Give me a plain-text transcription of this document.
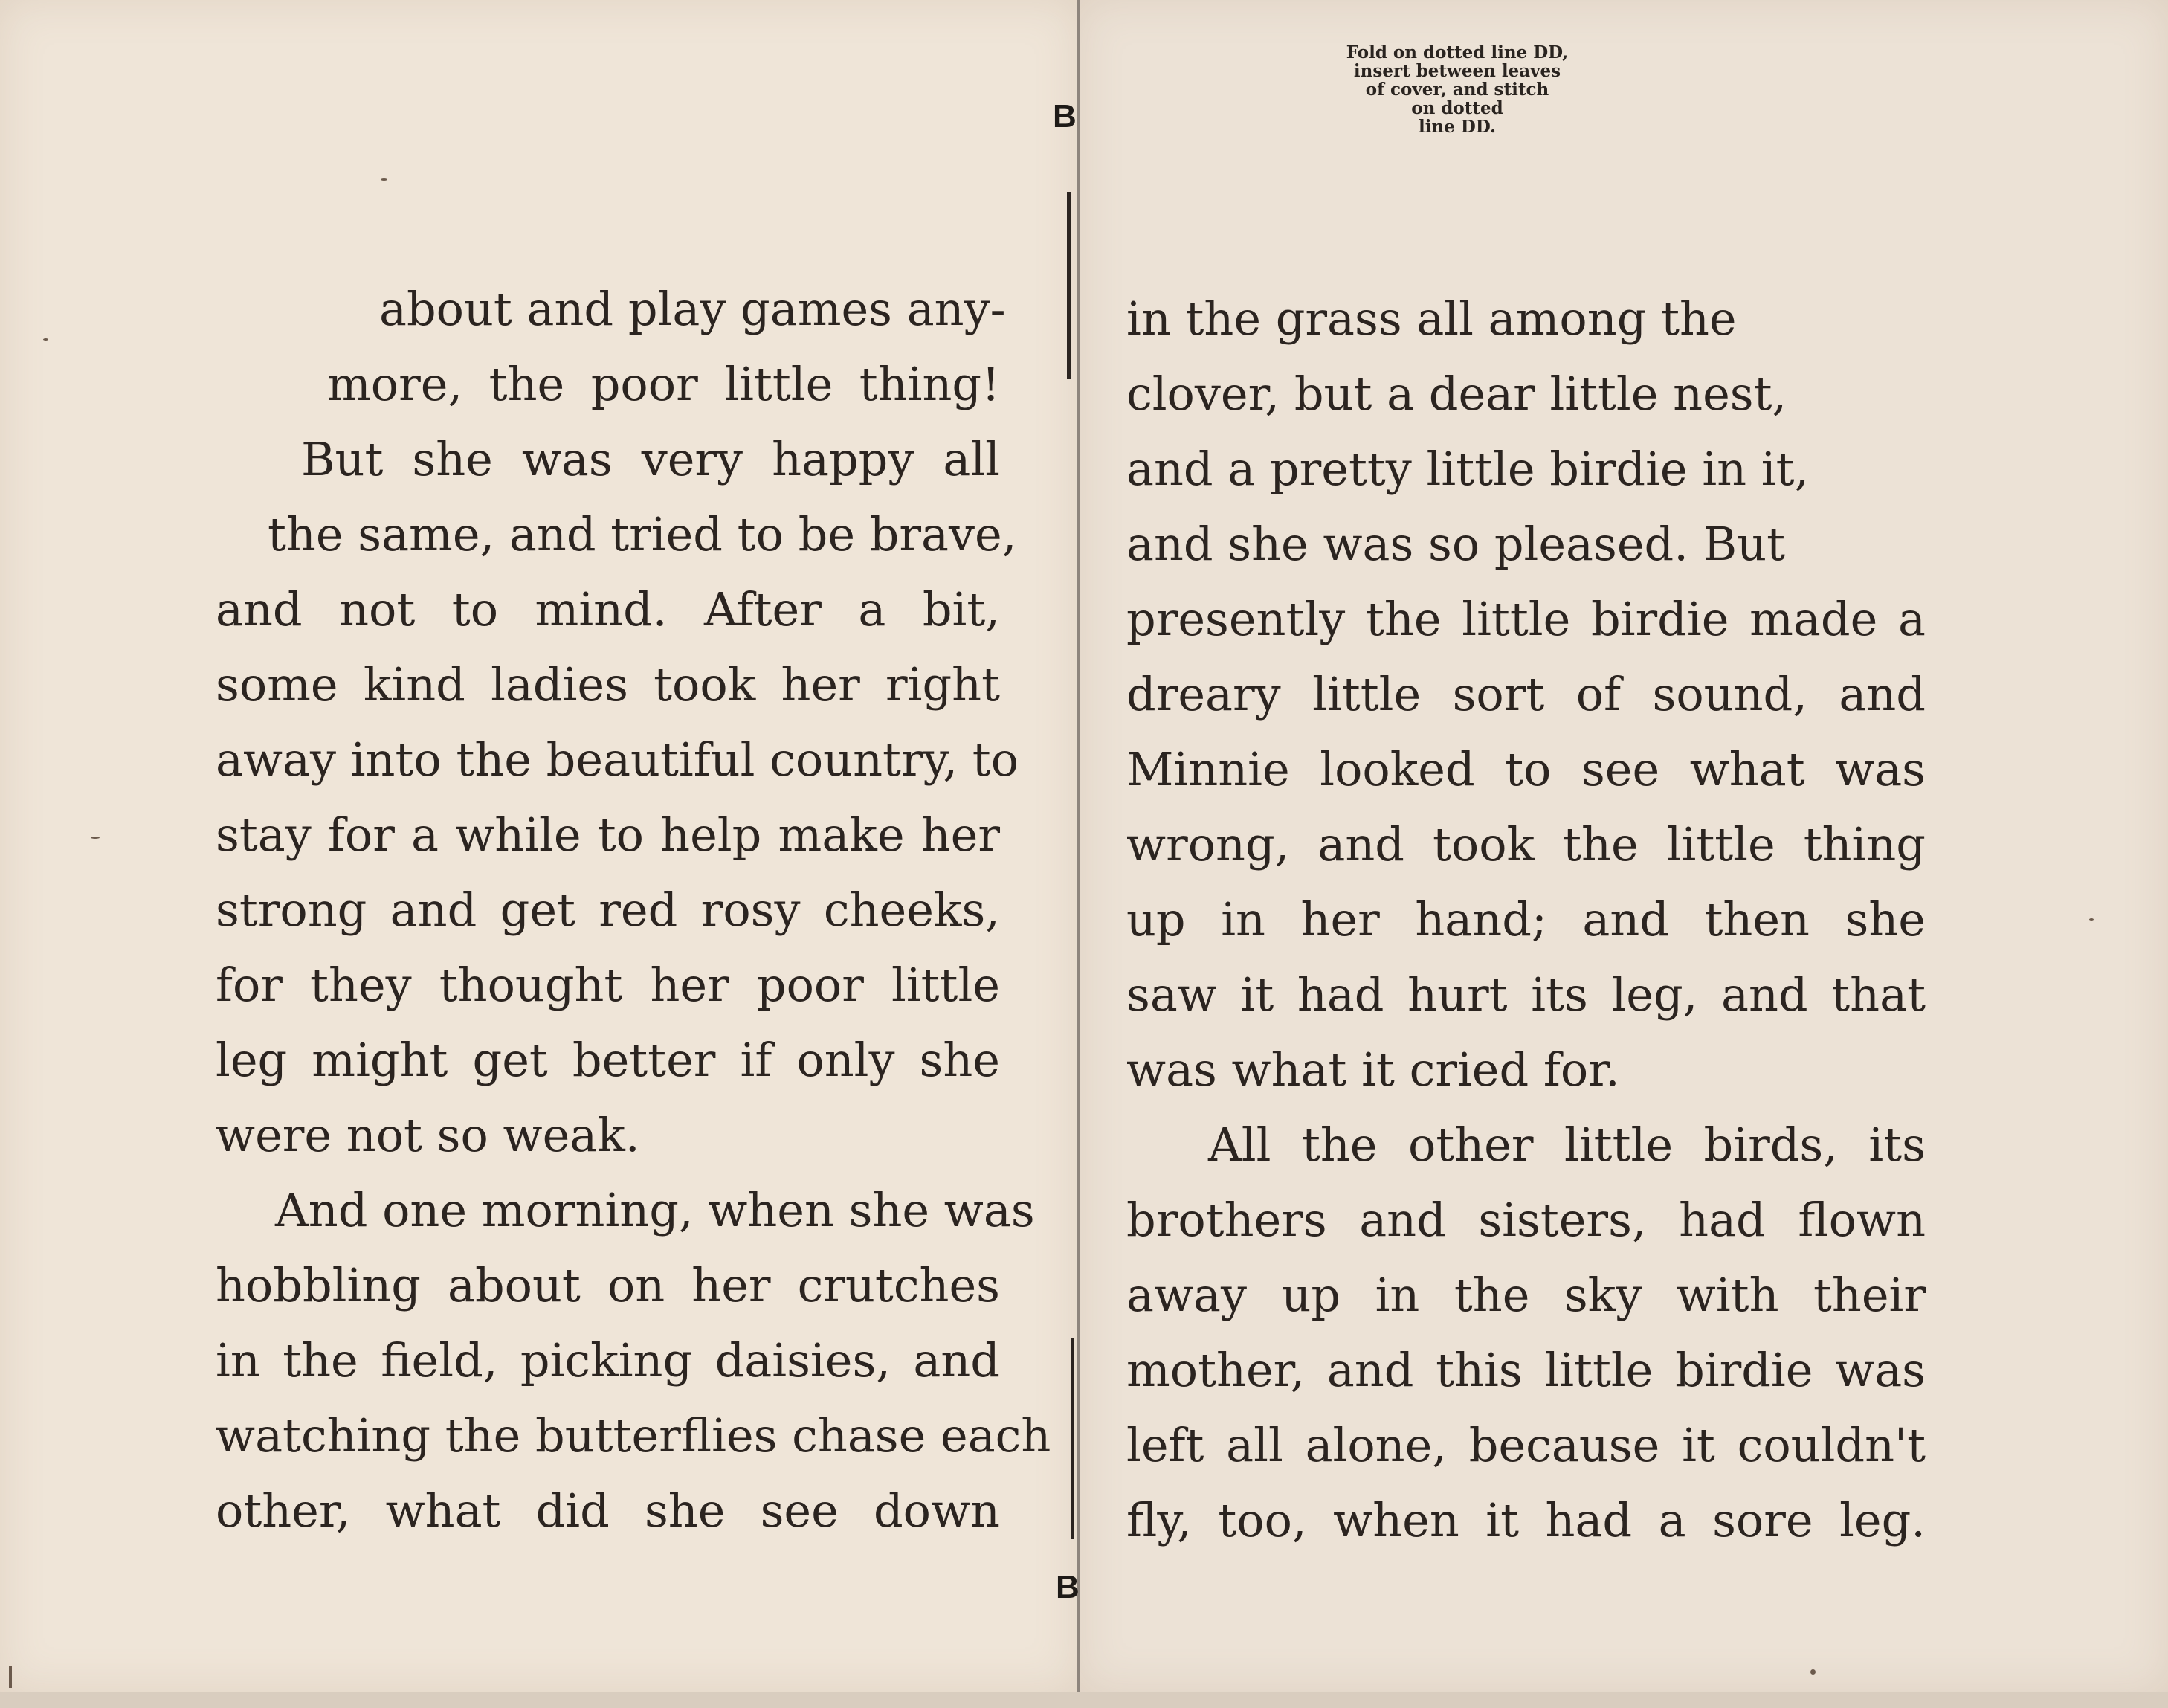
B
B
Fold on dotted line DD,
insert between leaves
of cover, and stitch
on dotted
line DD.
about and play games any-
more, the poor little thing!
But she was very happy all
the same, and tried to be brave,
and not to mind. After a bit,
some kind ladies took her right
away into the beautiful country, to
stay for a while to help make her
strong and get red rosy cheeks,
for they thought her poor little
leg might get better if only she
were not so weak.
And one morning, when she was
hobbling about on her crutches
in the field, picking daisies, and
watching the butterflies chase each
other, what did she see down
in the grass all among the
clover, but a dear little nest,
and a pretty little birdie in it,
and she was so pleased. But
presently the little birdie made a
dreary little sort of sound, and
Minnie looked to see what was
wrong, and took the little thing
up in her hand; and then she
saw it had hurt its leg, and that
was what it cried for.
All the other little birds, its
brothers and sisters, had flown
away up in the sky with their
mother, and this little birdie was
left all alone, because it couldn't
fly, too, when it had a sore leg.
